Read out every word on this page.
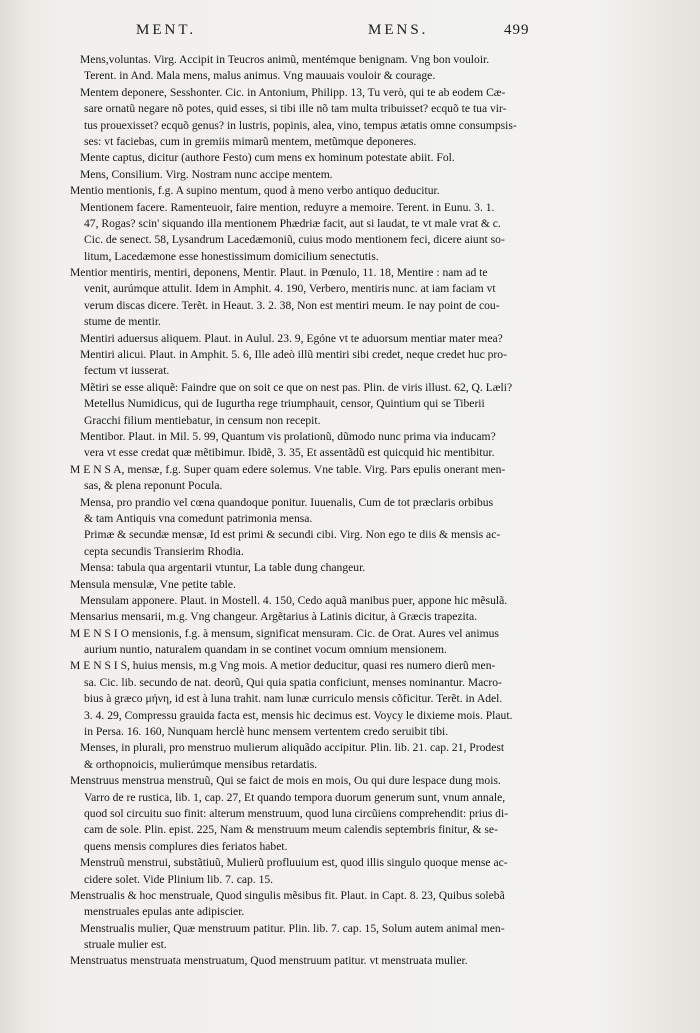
MENT.	MENS.	499
Mens,voluntas. Virg. Accipit in Teucros animũ, mentémque benignam. Vng bon vouloir.
Terent. in And. Mala mens, malus animus. Vng mauuais vouloir & courage.
Mentem deponere, Sesshonter. Cic. in Antonium, Philipp. 13, Tu verò, qui te ab eodem Cæ-
sare ornatũ negare nõ potes, quid esses, si tibi ille nõ tam multa tribuisset? ecquõ te tua vir-
tus prouexisset? ecquõ genus? in lustris, popinis, alea, vino, tempus ætatis omne consumpsis-
ses: vt faciebas, cum in gremiis mimarũ mentem, metũmque deponeres.
Mente captus, dicitur (authore Festo) cum mens ex hominum potestate abiit. Fol.
Mens, Consilium. Virg. Nostram nunc accipe mentem.
Mentio mentionis, f.g. A supino mentum, quod à meno verbo antiquo deducitur.
Mentionem facere. Ramenteuoir, faire mention, reduyre a memoire. Terent. in Eunu. 3. 1.
47, Rogas? scin' siquando illa mentionem Phædriæ facit, aut si laudat, te vt male vrat & c.
Cic. de senect. 58, Lysandrum Lacedæmoniũ, cuius modo mentionem feci, dicere aiunt so-
litum, Lacedæmone esse honestissimum domicilium senectutis.
Mentior mentiris, mentiri, deponens, Mentir. Plaut. in Pœnulo, 11. 18, Mentire : nam ad te
venit, aurúmque attulit. Idem in Amphit. 4. 190, Verbero, mentiris nunc. at iam faciam vt
verum discas dicere. Terẽt. in Heaut. 3. 2. 38, Non est mentiri meum. Ie nay point de cou-
stume de mentir.
Mentiri aduersus aliquem. Plaut. in Aulul. 23. 9, Egóne vt te aduorsum mentiar mater mea?
Mentiri alicui. Plaut. in Amphit. 5. 6, Ille adeò illũ mentiri sibi credet, neque credet huc pro-
fectum vt iusserat.
Mẽtiri se esse aliquẽ: Faindre que on soit ce que on nest pas. Plin. de viris illust. 62, Q. Læli?
Metellus Numidicus, qui de Iugurtha rege triumphauit, censor, Quintium qui se Tiberii
Gracchi filium mentiebatur, in censum non recepit.
Mentibor. Plaut. in Mil. 5. 99, Quantum vis prolationũ, dũmodo nunc prima via inducam?
vera vt esse credat quæ mẽtibimur. Ibidẽ, 3. 35, Et assentãdũ est quicquid hic mentibitur.
M E N S A, mensæ, f.g. Super quam edere solemus. Vne table. Virg. Pars epulis onerant men-
sas, & plena reponunt Pocula.
Mensa, pro prandio vel cœna quandoque ponitur. Iuuenalis, Cum de tot præclaris orbibus
& tam Antiquis vna comedunt patrimonia mensa.
Primæ & secundæ mensæ, Id est primi & secundi cibi. Virg. Non ego te diis & mensis ac-
cepta secundis Transierim Rhodia.
Mensa: tabula qua argentarii vtuntur, La table dung changeur.
Mensula mensulæ, Vne petite table.
Mensulam apponere. Plaut. in Mostell. 4. 150, Cedo aquã manibus puer, appone hic mẽsulã.
Mensarius mensarii, m.g. Vng changeur. Argẽtarius à Latinis dicitur, à Græcis trapezita.
M E N S I O mensionis, f.g. à mensum, significat mensuram. Cic. de Orat. Aures vel animus
aurium nuntio, naturalem quandam in se continet vocum omnium mensionem.
M E N S I S, huius mensis, m.g Vng mois. A metior deducitur, quasi res numero dierũ men-
sa. Cic. lib. secundo de nat. deorũ, Qui quia spatia conficiunt, menses nominantur. Macro-
bius à græco μήνη, id est à luna trahit. nam lunæ curriculo mensis cõficitur. Terẽt. in Adel.
3. 4. 29, Compressu grauida facta est, mensis hic decimus est. Voycy le dixieme mois. Plaut.
in Persa. 16. 160, Nunquam herclè hunc mensem vertentem credo seruibit tibi.
Menses, in plurali, pro menstruo mulierum aliquãdo accipitur. Plin. lib. 21. cap. 21, Prodest
& orthopnoicis, mulierúmque mensibus retardatis.
Menstruus menstrua menstruũ, Qui se faict de mois en mois, Ou qui dure lespace dung mois.
Varro de re rustica, lib. 1, cap. 27, Et quando tempora duorum generum sunt, vnum annale,
quod sol circuitu suo finit: alterum menstruum, quod luna circũiens comprehendit: prius di-
cam de sole. Plin. epist. 225, Nam & menstruum meum calendis septembris finitur, & se-
quens mensis complures dies feriatos habet.
Menstruũ menstrui, substãtiuũ, Mulierũ profluuium est, quod illis singulo quoque mense ac-
cidere solet. Vide Plinium lib. 7. cap. 15.
Menstrualis & hoc menstruale, Quod singulis mẽsibus fit. Plaut. in Capt. 8. 23, Quibus solebã
menstruales epulas ante adipiscier.
Menstrualis mulier, Quæ menstruum patitur. Plin. lib. 7. cap. 15, Solum autem animal men-
struale mulier est.
Menstruatus menstruata menstruatum, Quod menstruum patitur. vt menstruata mulier.
